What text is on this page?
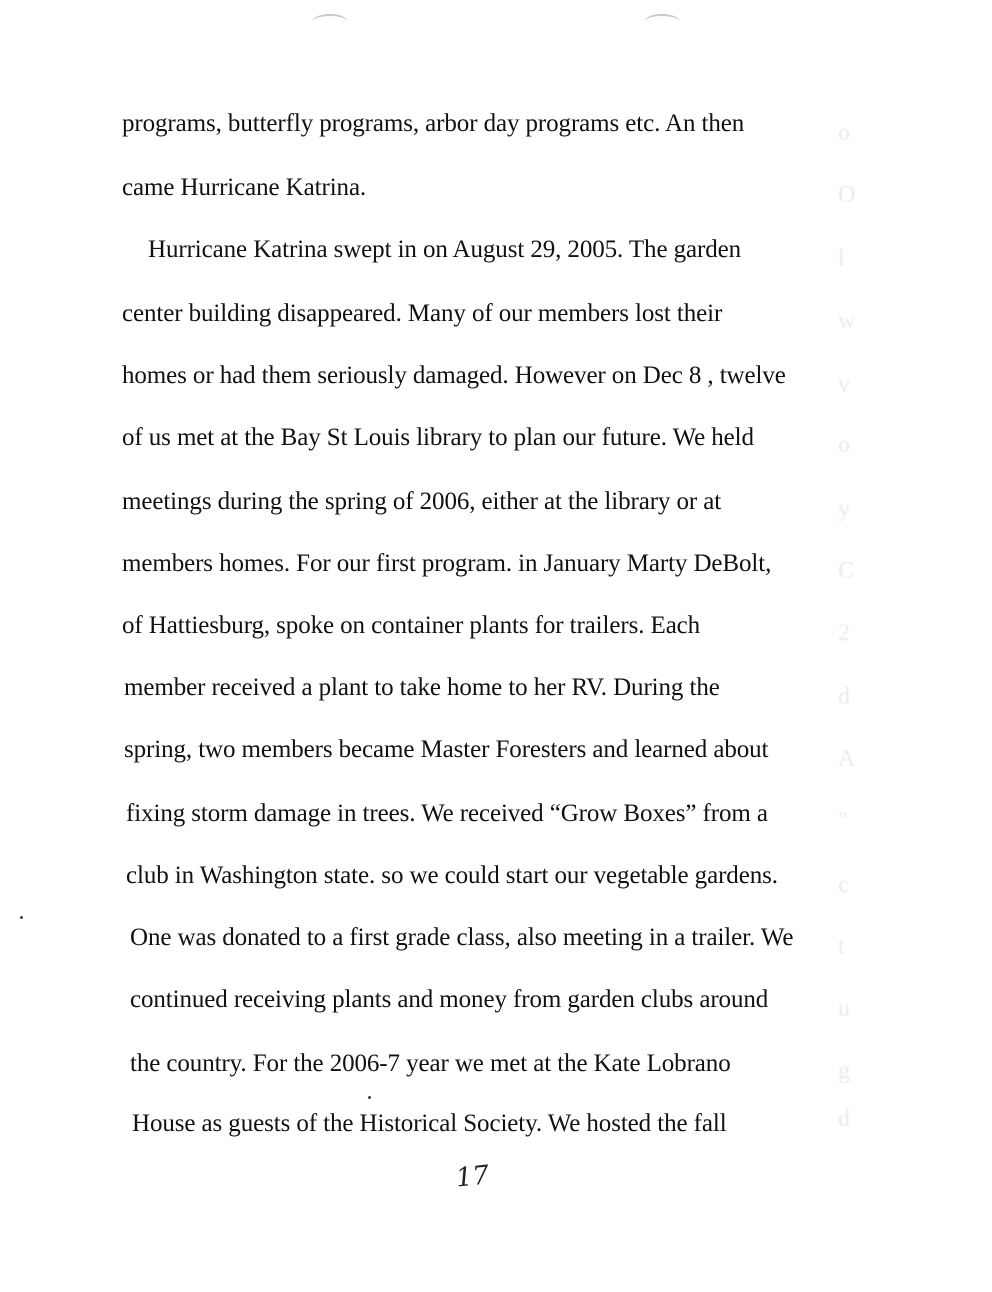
o
O
l
w
v
o
y
C
2
d
A
"
c
t
u
g
d
programs, butterfly programs, arbor day programs etc. An then
came Hurricane Katrina.
Hurricane Katrina swept in on August 29, 2005. The garden
center building disappeared. Many of our members lost their
homes or had them seriously damaged. However on Dec 8 , twelve
of us met at the Bay St Louis library to plan our future. We held
meetings during the spring of 2006, either at the library or at
members homes. For our first program. in January Marty DeBolt,
of Hattiesburg, spoke on container plants for trailers. Each
member received a plant to take home to her RV. During the
spring, two members became Master Foresters and learned about
fixing storm damage in trees. We received “Grow Boxes” from a
club in Washington state. so we could start our vegetable gardens.
One was donated to a first grade class, also meeting in a trailer. We
continued receiving plants and money from garden clubs around
the country. For the 2006-7 year we met at the Kate Lobrano
House as guests of the Historical Society. We hosted the fall
17
